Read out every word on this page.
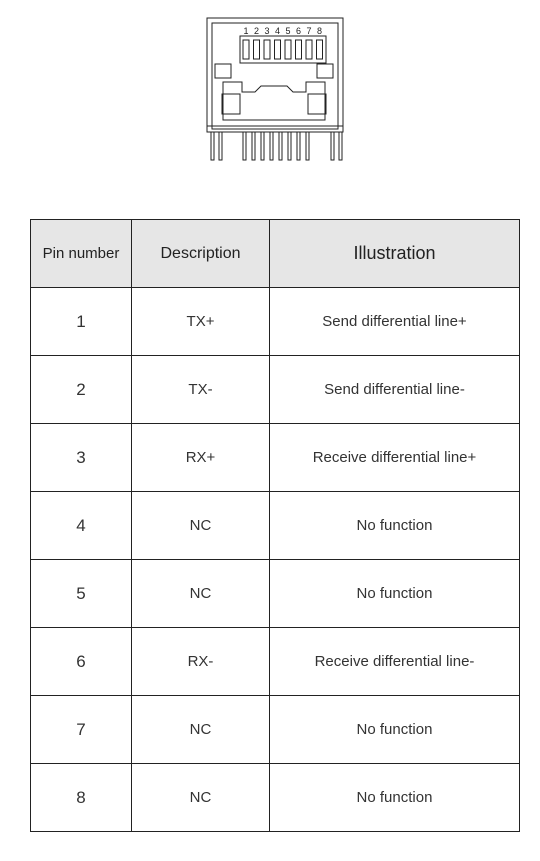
1 2 3 4 5 6 7 8
Pin number	Description	Illustration
1	TX+	Send differential line+
2	TX-	Send differential line-
3	RX+	Receive differential line+
4	NC	No function
5	NC	No function
6	RX-	Receive differential line-
7	NC	No function
8	NC	No function
